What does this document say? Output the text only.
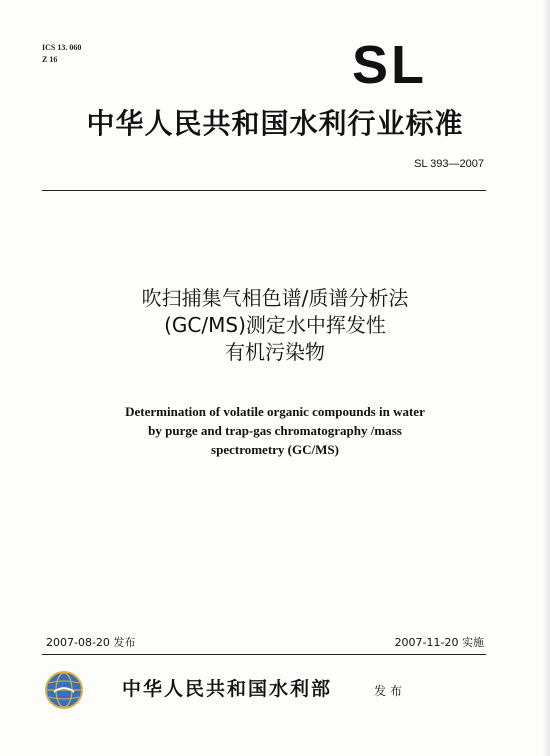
ICS 13. 060
Z 16	SL
中华人民共和国水利行业标准
SL 393—2007
吹扫捕集气相色谱/质谱分析法
(GC/MS)测定水中挥发性
有机污染物
Determination of volatile organic compounds in water
by purge and trap-gas chromatography /mass
spectrometry (GC/MS)
2007-08-20 发布	2007-11-20 实施
中华人民共和国水利部	发布
